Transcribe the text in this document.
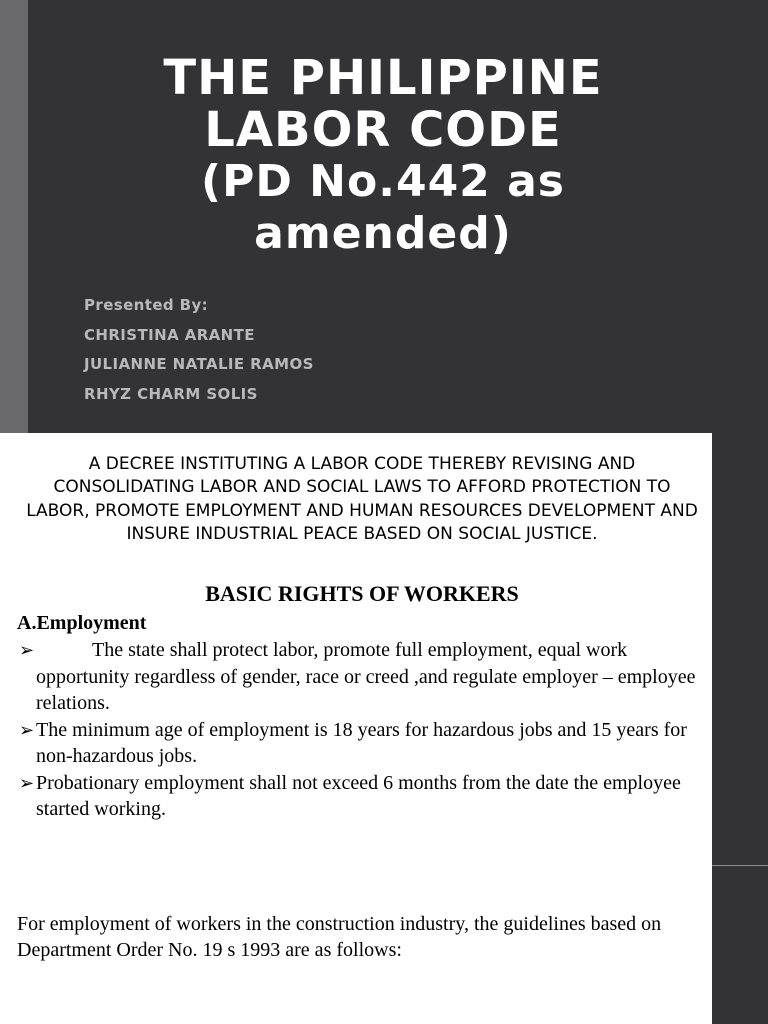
THE PHILIPPINE
LABOR CODE
(PD No.442 as
amended)
Presented By:
CHRISTINA ARANTE
JULIANNE NATALIE RAMOS
RHYZ CHARM SOLIS
A DECREE INSTITUTING A LABOR CODE THEREBY REVISING AND CONSOLIDATING LABOR AND SOCIAL LAWS TO AFFORD PROTECTION TO LABOR, PROMOTE EMPLOYMENT AND HUMAN RESOURCES DEVELOPMENT AND INSURE INDUSTRIAL PEACE BASED ON SOCIAL JUSTICE.
BASIC RIGHTS OF WORKERS
A.Employment
➢	The state shall protect labor, promote full employment, equal work opportunity regardless of gender, race or creed ,and regulate employer – employee relations.
➢ The minimum age of employment is 18 years for hazardous jobs and 15 years for non-hazardous jobs.
➢ Probationary employment shall not exceed 6 months from the date the employee started working.
For employment of workers in the construction industry, the guidelines based on Department Order No. 19 s 1993 are as follows:
